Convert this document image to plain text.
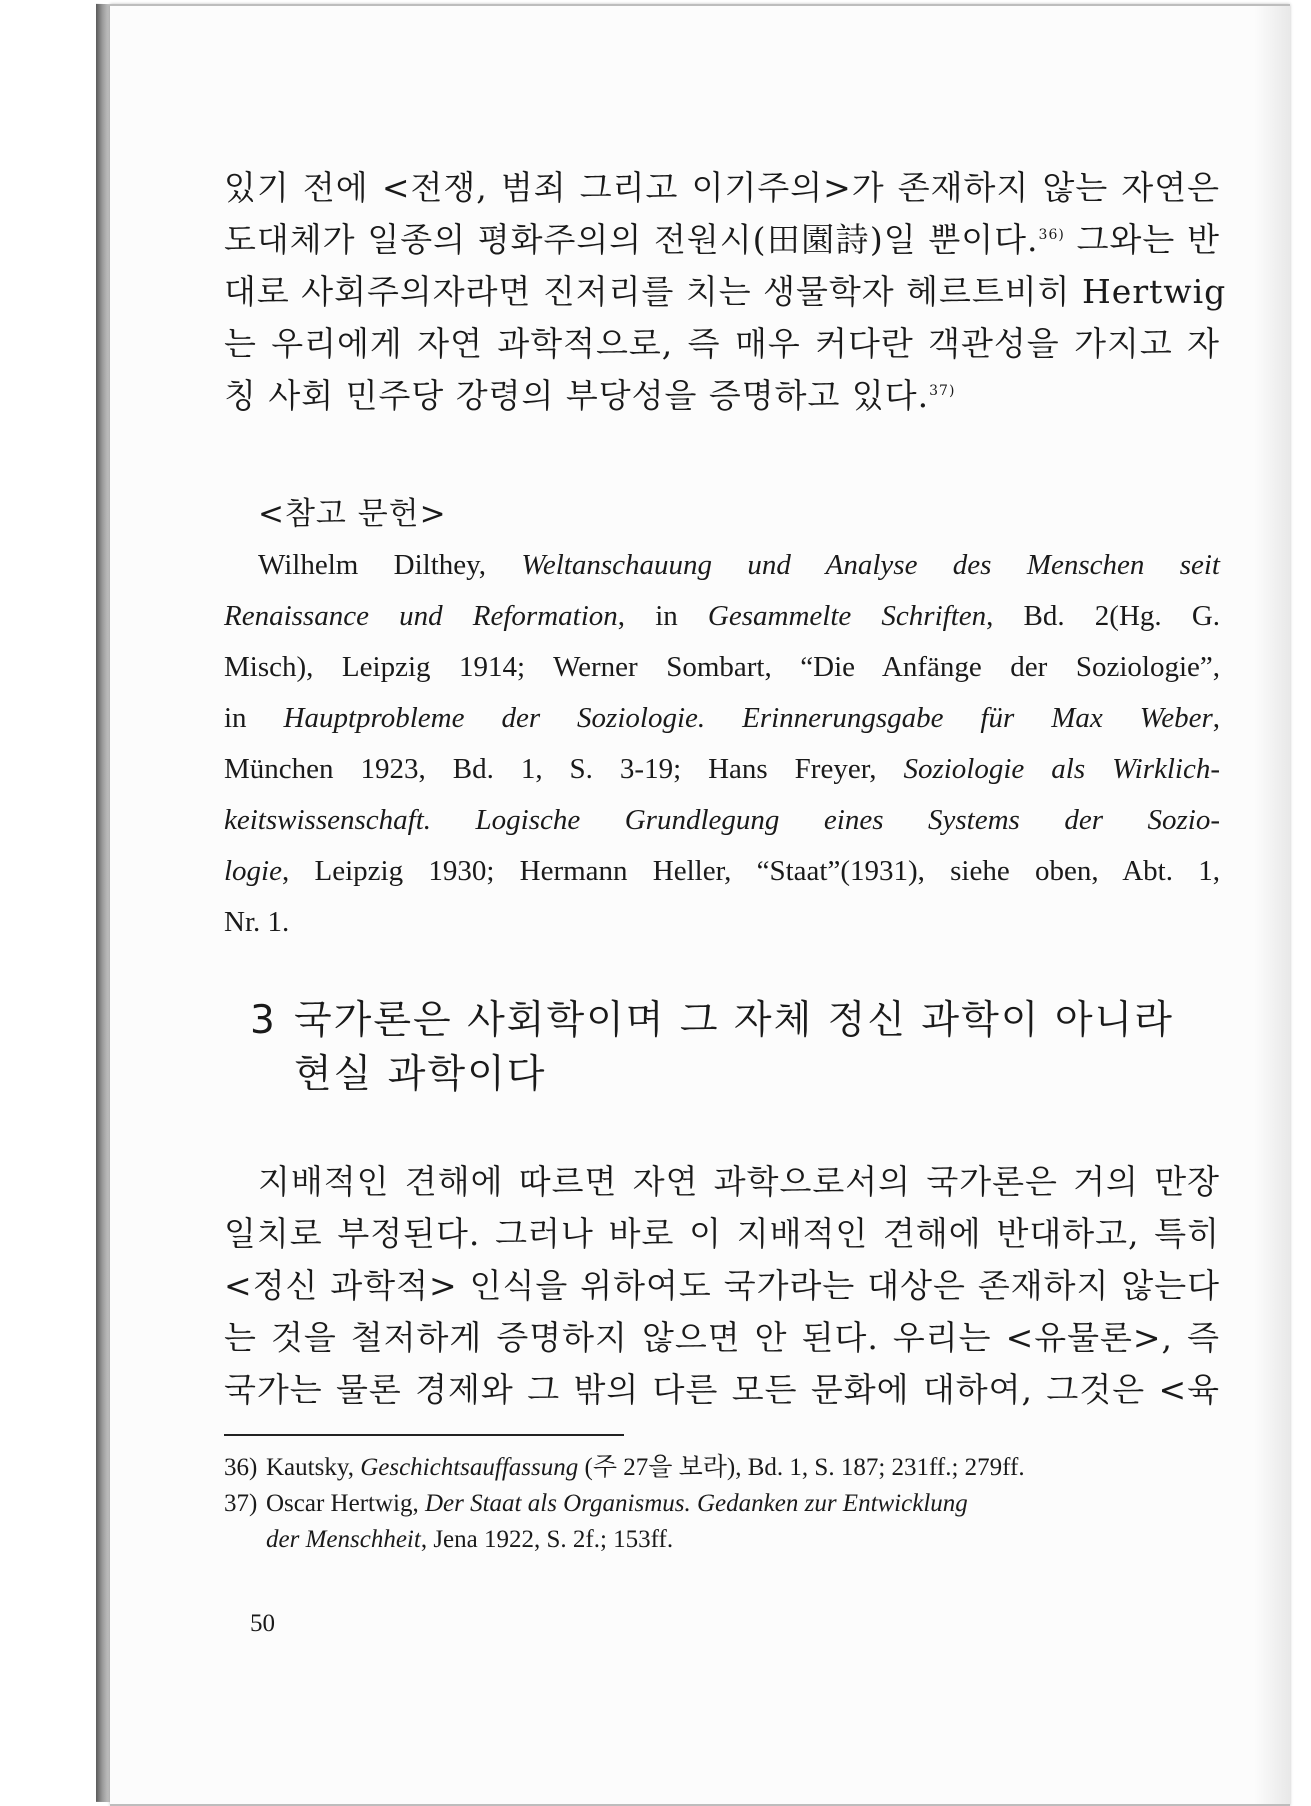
있기 전에 <전쟁, 범죄 그리고 이기주의>가 존재하지 않는 자연은
도대체가 일종의 평화주의의 전원시(田園詩)일 뿐이다.$^{36)}$ 그와는 반
대로 사회주의자라면 진저리를 치는 생물학자 헤르트비히 Hertwig
는 우리에게 자연 과학적으로, 즉 매우 커다란 객관성을 가지고 자
칭 사회 민주당 강령의 부당성을 증명하고 있다.$^{37)}$
<참고 문헌>
Wilhelm Dilthey, Weltanschauung und Analyse des Menschen seit
Renaissance und Reformation, in Gesammelte Schriften, Bd. 2(Hg. G.
Misch), Leipzig 1914; Werner Sombart, “Die Anfänge der Soziologie”,
in Hauptprobleme der Soziologie. Erinnerungsgabe für Max Weber,
München 1923, Bd. 1, S. 3-19; Hans Freyer, Soziologie als Wirklich-
keitswissenschaft. Logische Grundlegung eines Systems der Sozio-
logie, Leipzig 1930; Hermann Heller, “Staat”(1931), siehe oben, Abt. 1,
Nr. 1.
3 국가론은 사회학이며 그 자체 정신 과학이 아니라
현실 과학이다
지배적인 견해에 따르면 자연 과학으로서의 국가론은 거의 만장
일치로 부정된다. 그러나 바로 이 지배적인 견해에 반대하고, 특히
<정신 과학적> 인식을 위하여도 국가라는 대상은 존재하지 않는다
는 것을 철저하게 증명하지 않으면 안 된다. 우리는 <유물론>, 즉
국가는 물론 경제와 그 밖의 다른 모든 문화에 대하여, 그것은 <육
36) Kautsky, Geschichtsauffassung (주 27을 보라), Bd. 1, S. 187; 231ff.; 279ff.
37) Oscar Hertwig, Der Staat als Organismus. Gedanken zur Entwicklung
der Menschheit, Jena 1922, S. 2f.; 153ff.
50
